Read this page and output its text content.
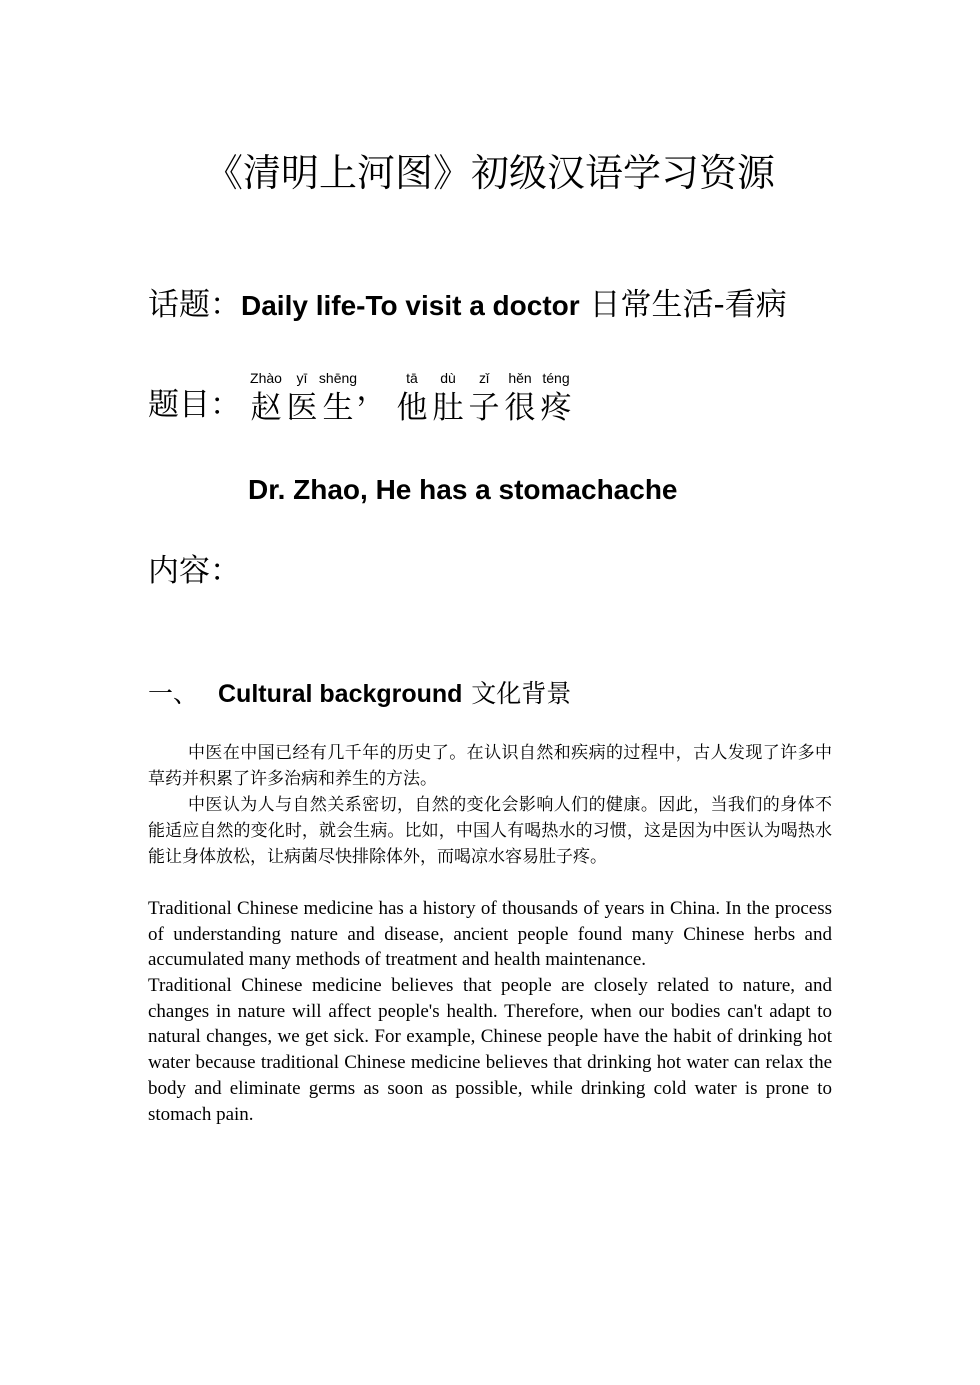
《清明上河图》初级汉语学习资源
话题：Daily life-To visit a doctor 日常生活-看病
题目：
Zhào
赵
yī
医
shēng
生 ，	tā
他
dù
肚
zǐ
子
hěn
很
téng
疼
Dr. Zhao, He has a stomachache
内容：
一、 Cultural background 文化背景

中医在中国已经有几千年的历史了。在认识自然和疾病的过程中，古人发现了许多中草药并积累了许多治病和养生的方法。

中医认为人与自然关系密切，自然的变化会影响人们的健康。因此，当我们的身体不能适应自然的变化时，就会生病。比如，中国人有喝热水的习惯，这是因为中医认为喝热水能让身体放松，让病菌尽快排除体外，而喝凉水容易肚子疼。

Traditional Chinese medicine has a history of thousands of years in China. In the process of understanding nature and disease, ancient people found many Chinese herbs and accumulated many methods of treatment and health maintenance.

Traditional Chinese medicine believes that people are closely related to nature, and changes in nature will affect people's health. Therefore, when our bodies can't adapt to natural changes, we get sick. For example, Chinese people have the habit of drinking hot water because traditional Chinese medicine believes that drinking hot water can relax the body and eliminate germs as soon as possible, while drinking cold water is prone to stomach pain.
